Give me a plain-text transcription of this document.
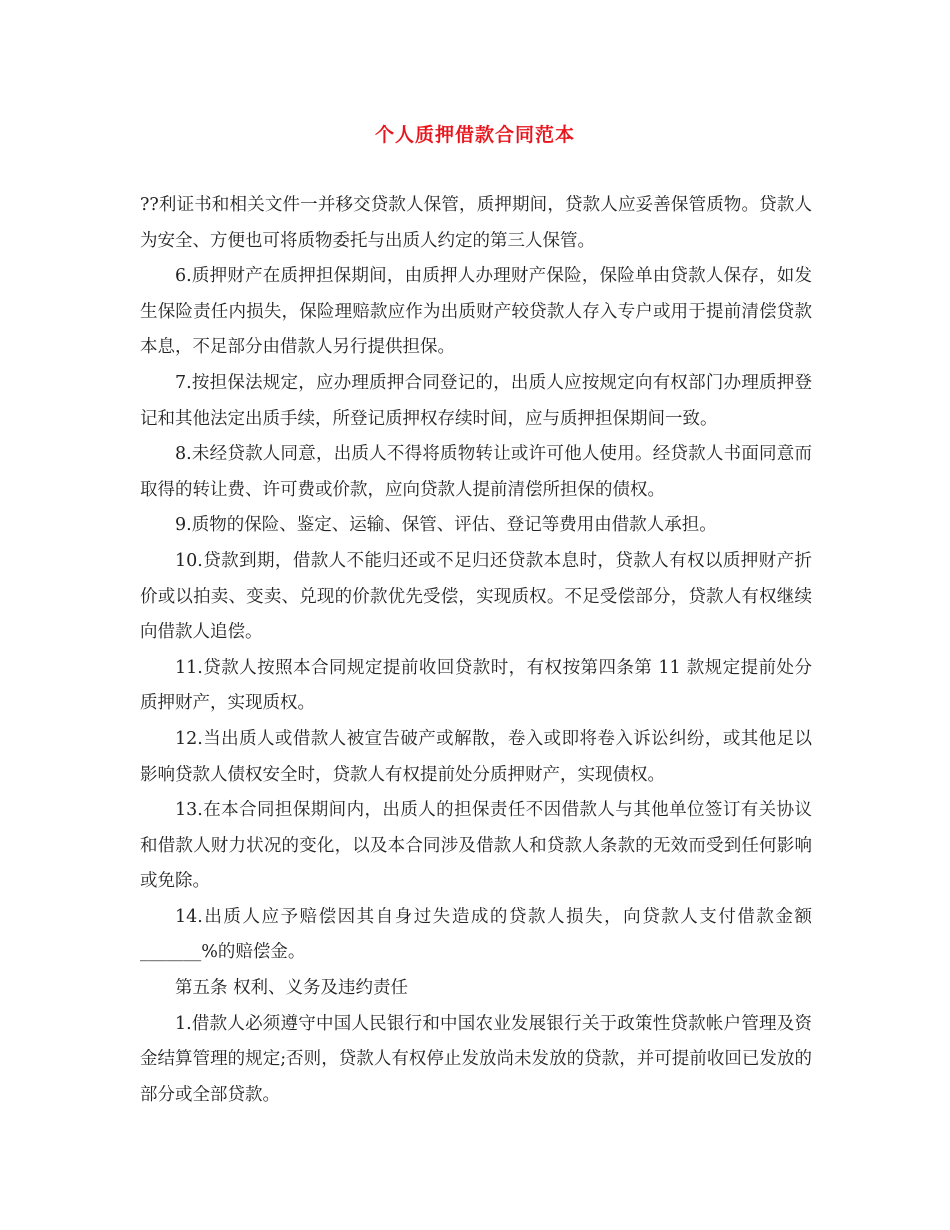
个人质押借款合同范本

??利证书和相关文件一并移交贷款人保管，质押期间，贷款人应妥善保管质物。贷款人为安全、方便也可将质物委托与出质人约定的第三人保管。

6.质押财产在质押担保期间，由质押人办理财产保险，保险单由贷款人保存，如发生保险责任内损失，保险理赔款应作为出质财产较贷款人存入专户或用于提前清偿贷款本息，不足部分由借款人另行提供担保。

7.按担保法规定，应办理质押合同登记的，出质人应按规定向有权部门办理质押登记和其他法定出质手续，所登记质押权存续时间，应与质押担保期间一致。

8.未经贷款人同意，出质人不得将质物转让或许可他人使用。经贷款人书面同意而取得的转让费、许可费或价款，应向贷款人提前清偿所担保的债权。

9.质物的保险、鉴定、运输、保管、评估、登记等费用由借款人承担。

10.贷款到期，借款人不能归还或不足归还贷款本息时，贷款人有权以质押财产折价或以拍卖、变卖、兑现的价款优先受偿，实现质权。不足受偿部分，贷款人有权继续向借款人追偿。

11.贷款人按照本合同规定提前收回贷款时，有权按第四条第 11 款规定提前处分质押财产，实现质权。

12.当出质人或借款人被宣告破产或解散，卷入或即将卷入诉讼纠纷，或其他足以影响贷款人债权安全时，贷款人有权提前处分质押财产，实现债权。

13.在本合同担保期间内，出质人的担保责任不因借款人与其他单位签订有关协议和借款人财力状况的变化，以及本合同涉及借款人和贷款人条款的无效而受到任何影响或免除。

14.出质人应予赔偿因其自身过失造成的贷款人损失，向贷款人支付借款金额_______%的赔偿金。

第五条 权利、义务及违约责任

1.借款人必须遵守中国人民银行和中国农业发展银行关于政策性贷款帐户管理及资金结算管理的规定;否则，贷款人有权停止发放尚未发放的贷款，并可提前收回已发放的部分或全部贷款。
